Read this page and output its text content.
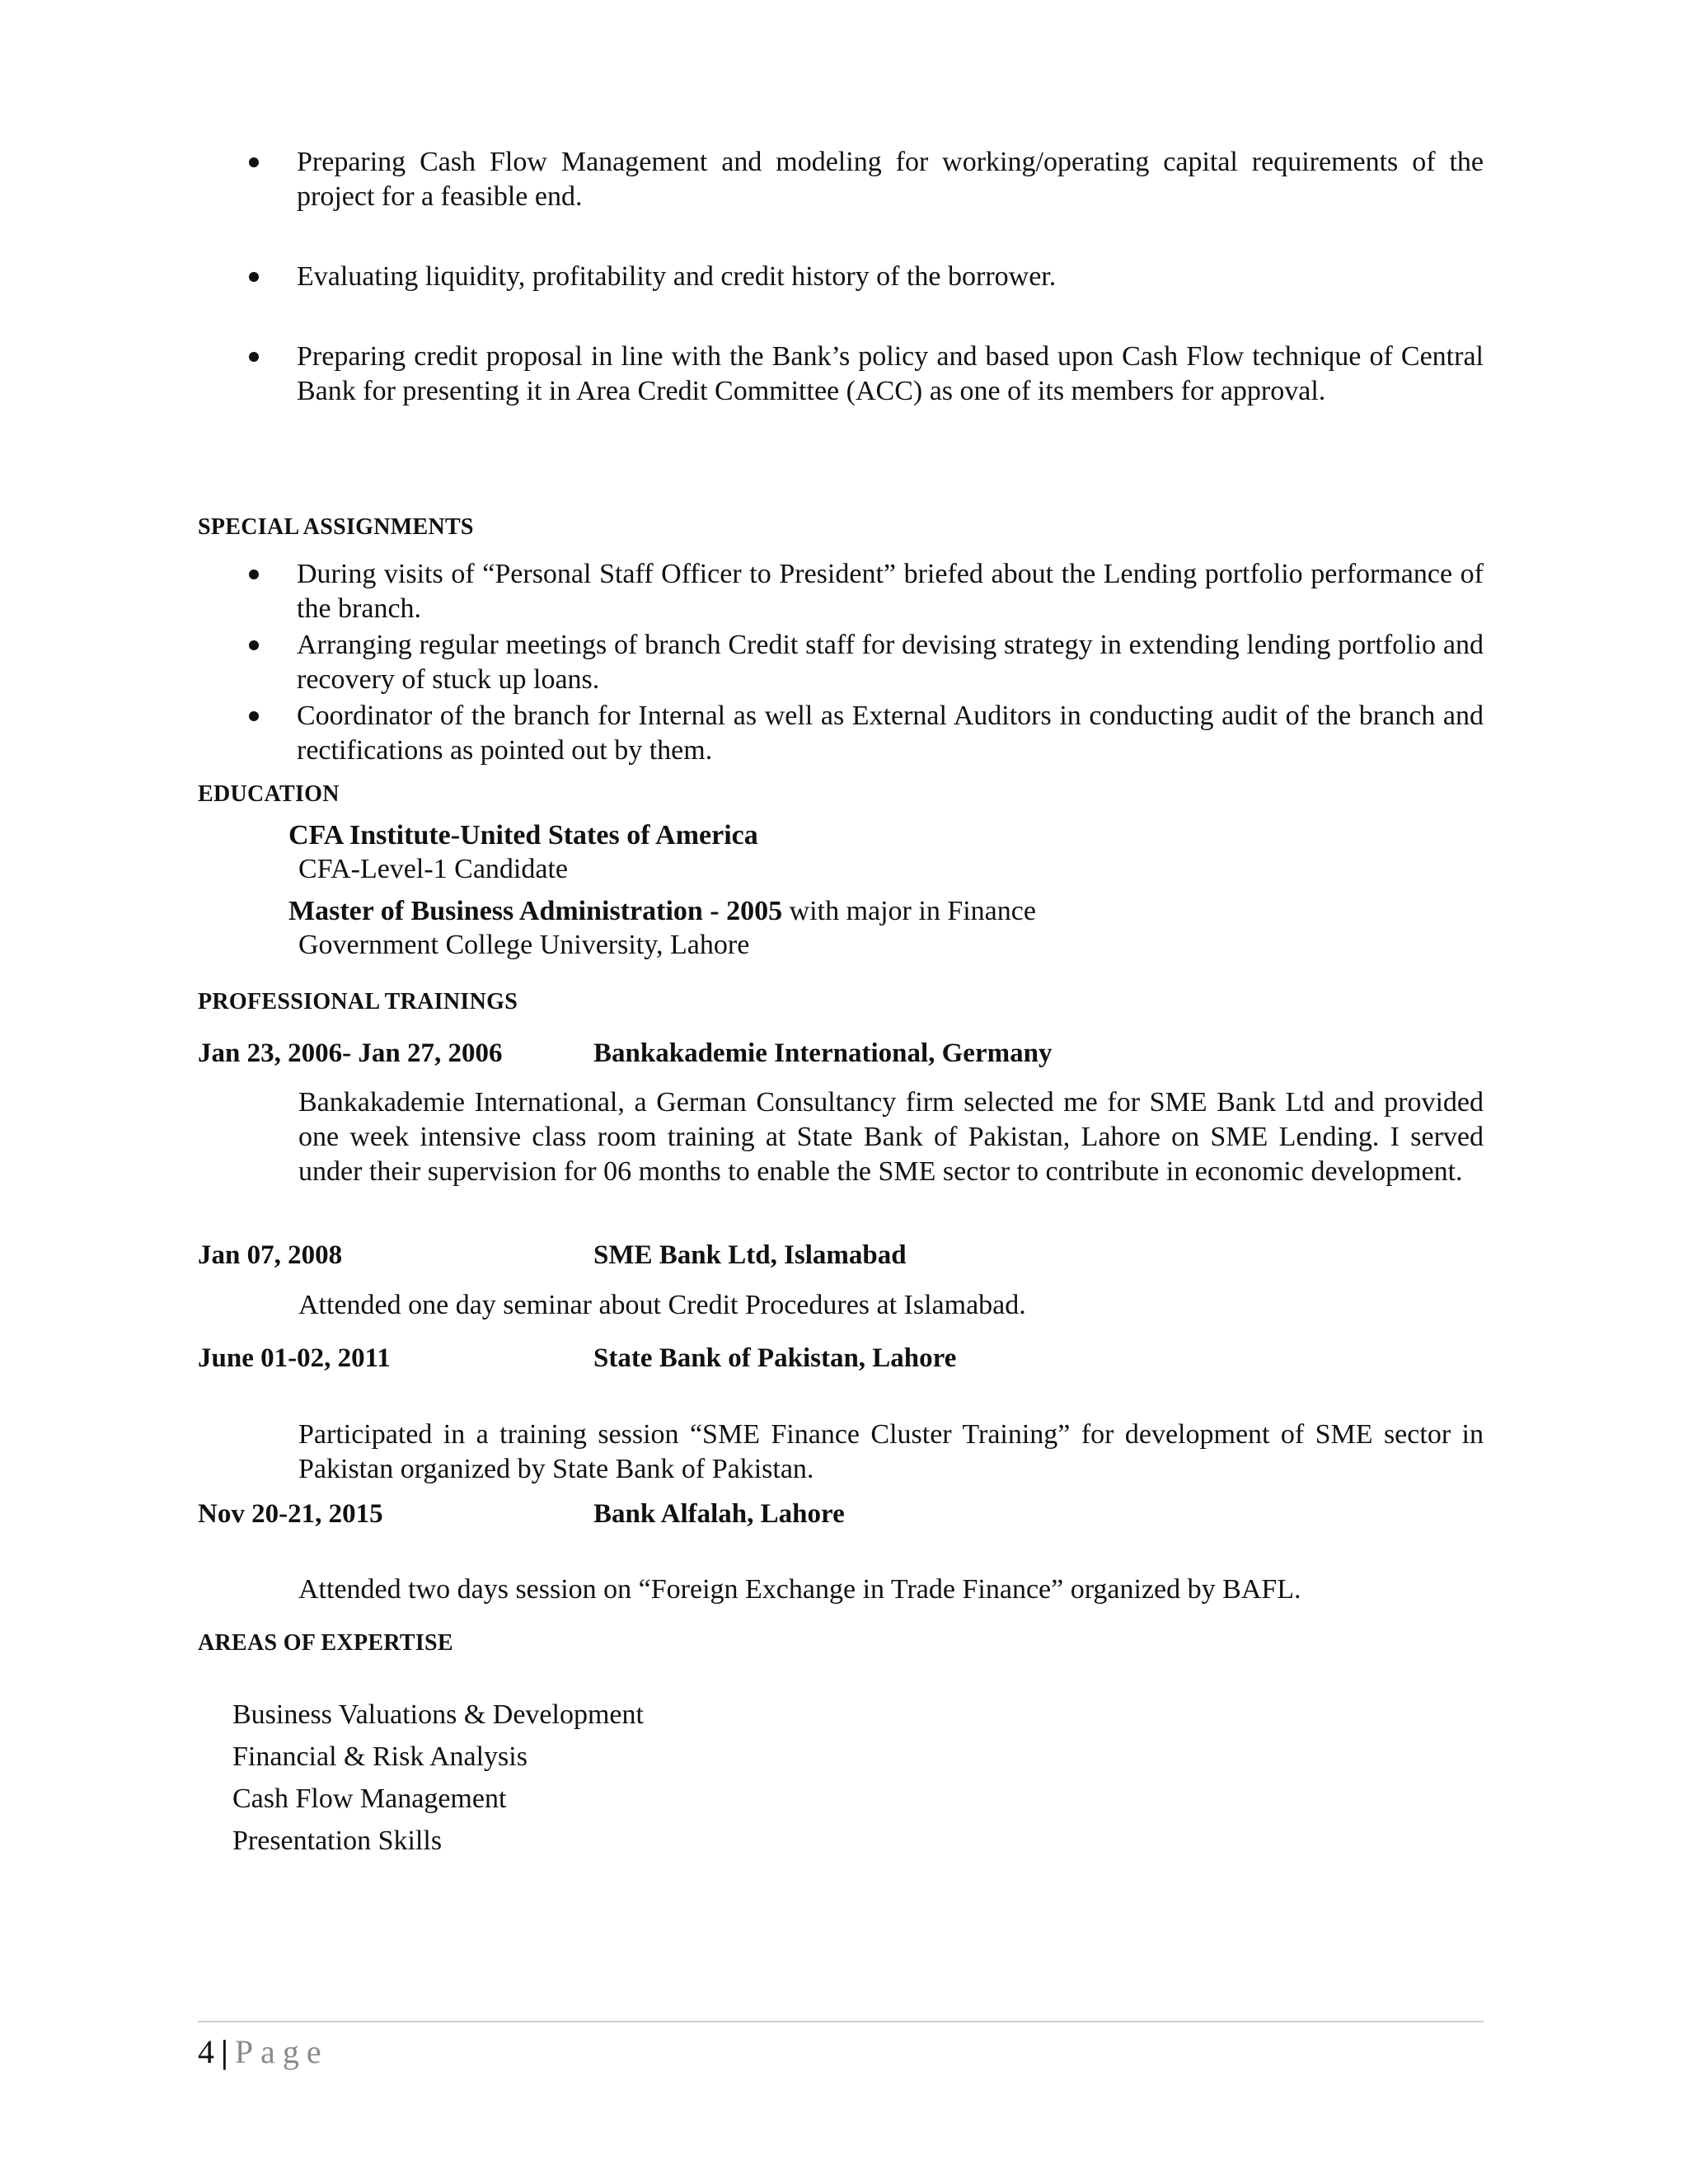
Preparing Cash Flow Management and modeling for working/operating capital requirements of the project for a feasible end.
Evaluating liquidity, profitability and credit history of the borrower.
Preparing credit proposal in line with the Bank’s policy and based upon Cash Flow technique of Central Bank for presenting it in Area Credit Committee (ACC) as one of its members for approval.
SPECIAL ASSIGNMENTS
During visits of “Personal Staff Officer to President” briefed about the Lending portfolio performance of the branch.
Arranging regular meetings of branch Credit staff for devising strategy in extending lending portfolio and recovery of stuck up loans.
Coordinator of the branch for Internal as well as External Auditors in conducting audit of the branch and rectifications as pointed out by them.
EDUCATION
CFA Institute-United States of America
CFA-Level-1 Candidate
Master of Business Administration - 2005 with major in Finance
Government College University, Lahore
PROFESSIONAL TRAININGS
Jan 23, 2006- Jan 27, 2006	Bankakademie International, Germany
Bankakademie International, a German Consultancy firm selected me for SME Bank Ltd and provided one week intensive class room training at State Bank of Pakistan, Lahore on SME Lending. I served under their supervision for 06 months to enable the SME sector to contribute in economic development.
Jan 07, 2008	SME Bank Ltd, Islamabad
Attended one day seminar about Credit Procedures at Islamabad.
June 01-02, 2011	State Bank of Pakistan, Lahore
Participated in a training session “SME Finance Cluster Training” for development of SME sector in Pakistan organized by State Bank of Pakistan.
Nov 20-21, 2015	Bank Alfalah, Lahore
Attended two days session on “Foreign Exchange in Trade Finance” organized by BAFL.
AREAS OF EXPERTISE
Business Valuations & Development
Financial & Risk Analysis
Cash Flow Management
Presentation Skills
4 | Page
